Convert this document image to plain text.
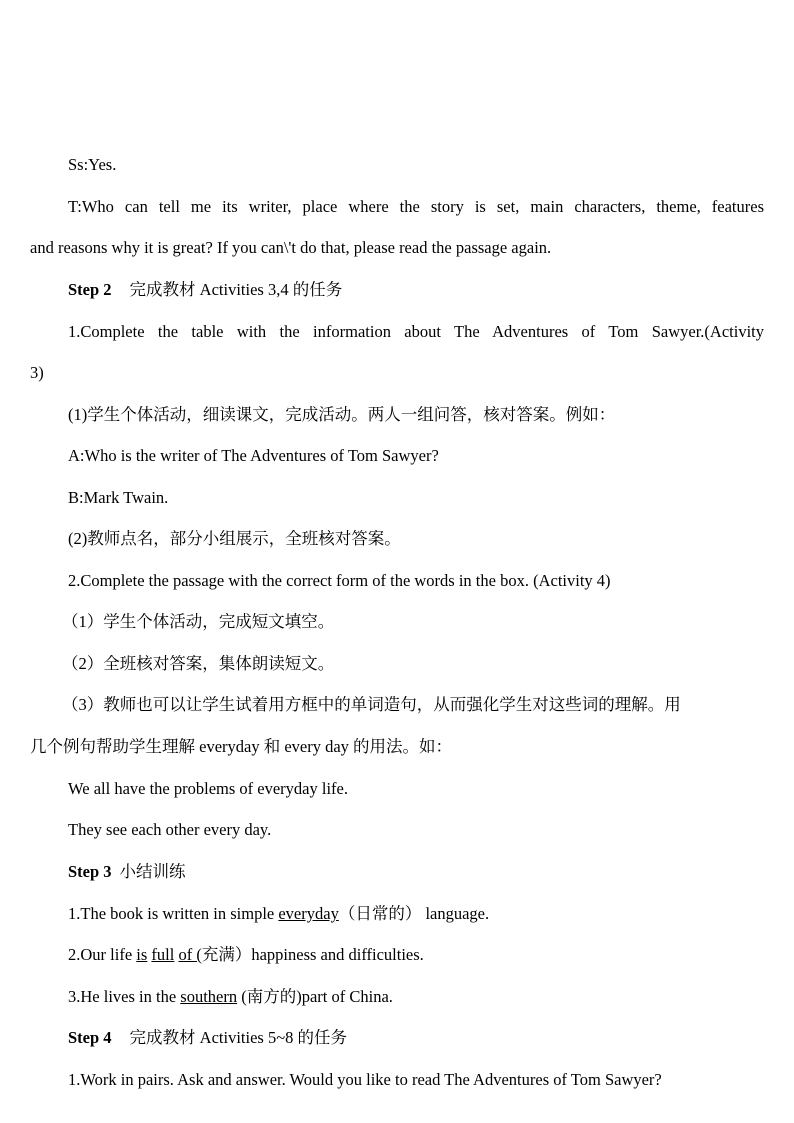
Ss:Yes.
T:Who can tell me its writer, place where the story is set, main characters, theme, features
and reasons why it is great? If you can\'t do that, please read the passage again.
Step 2 完成教材 Activities 3,4 的任务
1.Complete the table with the information about The Adventures of Tom Sawyer.(Activity
3)
(1)学生个体活动，细读课文，完成活动。两人一组问答，核对答案。例如：
A:Who is the writer of The Adventures of Tom Sawyer?
B:Mark Twain.
(2)教师点名，部分小组展示，全班核对答案。
2.Complete the passage with the correct form of the words in the box. (Activity 4)
（1）学生个体活动，完成短文填空。
（2）全班核对答案，集体朗读短文。
（3）教师也可以让学生试着用方框中的单词造句，从而强化学生对这些词的理解。用
几个例句帮助学生理解 everyday 和 every day 的用法。如：
We all have the problems of everyday life.
They see each other every day.
Step 3 小结训练
1.The book is written in simple everyday（日常的） language.
2.Our life is full of (充满）happiness and difficulties.
3.He lives in the southern (南方的)part of China.
Step 4 完成教材 Activities 5~8 的任务
1.Work in pairs. Ask and answer. Would you like to read The Adventures of Tom Sawyer?
